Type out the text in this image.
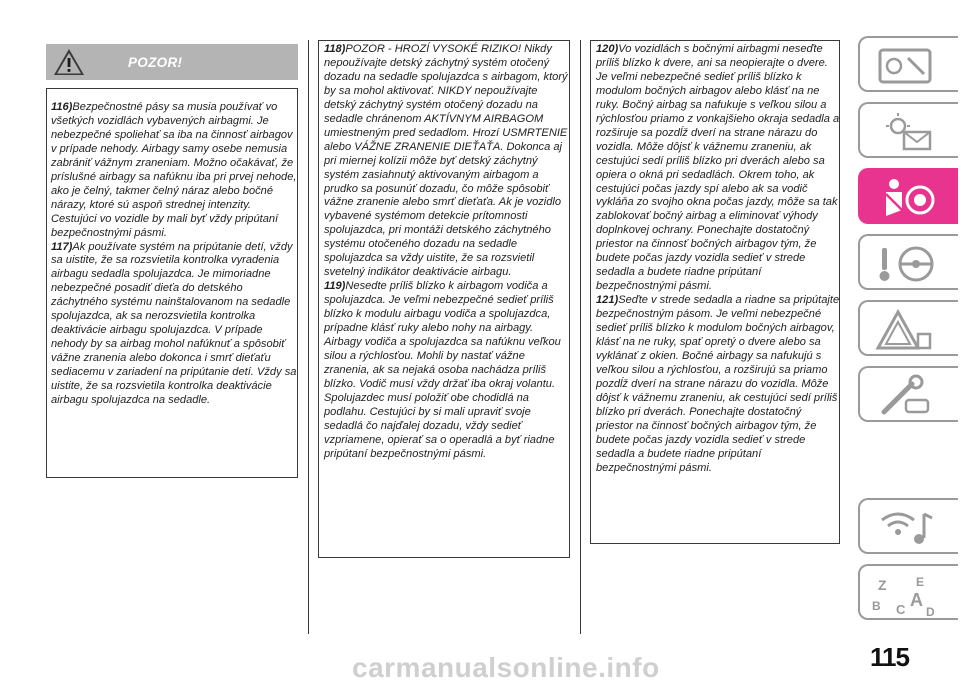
POZOR!

116)Bezpečnostné pásy sa musia používať vo všetkých vozidlách vybavených airbagmi. Je nebezpečné spoliehať sa iba na činnosť airbagov v prípade nehody. Airbagy samy osebe nemusia zabrániť vážnym zraneniam. Možno očakávať, že príslušné airbagy sa nafúknu iba pri prvej nehode, ako je čelný, takmer čelný náraz alebo bočné nárazy, ktoré sú aspoň strednej intenzity. Cestujúci vo vozidle by mali byť vždy pripútaní bezpečnostnými pásmi.

117)Ak používate systém na pripútanie detí, vždy sa uistite, že sa rozsvietila kontrolka vyradenia airbagu sedadla spolujazdca. Je mimoriadne nebezpečné posadiť dieťa do detského záchytného systému nainštalovanom na sedadle spolujazdca, ak sa nerozsvietila kontrolka deaktivácie airbagu spolujazdca. V prípade nehody by sa airbag mohol nafúknuť a spôsobiť vážne zranenia alebo dokonca i smrť dieťaťu sediacemu v zariadení na pripútanie detí. Vždy sa uistite, že sa rozsvietila kontrolka deaktivácie airbagu spolujazdca na sedadle.

118)POZOR - HROZÍ VYSOKÉ RIZIKO! Nikdy nepoužívajte detský záchytný systém otočený dozadu na sedadle spolujazdca s airbagom, ktorý by sa mohol aktivovať. NIKDY nepoužívajte detský záchytný systém otočený dozadu na sedadle chránenom AKTÍVNYM AIRBAGOM umiestneným pred sedadlom. Hrozí USMRTENIE alebo VÁŽNE ZRANENIE DIEŤAŤA. Dokonca aj pri miernej kolízii môže byť detský záchytný systém zasiahnutý aktivovaným airbagom a prudko sa posunúť dozadu, čo môže spôsobiť vážne zranenie alebo smrť dieťaťa. Ak je vozidlo vybavené systémom detekcie prítomnosti spolujazdca, pri montáži detského záchytného systému otočeného dozadu na sedadle spolujazdca sa vždy uistite, že sa rozsvietil svetelný indikátor deaktivácie airbagu.

119)Nesedte príliš blízko k airbagom vodiča a spolujazdca. Je veľmi nebezpečné sedieť príliš blízko k modulu airbagu vodiča a spolujazdca, prípadne klásť ruky alebo nohy na airbagy. Airbagy vodiča a spolujazdca sa nafúknu veľkou silou a rýchlosťou. Mohli by nastať vážne zranenia, ak sa nejaká osoba nachádza príliš blízko. Vodič musí vždy držať iba okraj volantu. Spolujazdec musí položiť obe chodidlá na podlahu. Cestujúci by si mali upraviť svoje sedadlá čo najďalej dozadu, vždy sedieť vzpriamene, opierať sa o operadlá a byť riadne pripútaní bezpečnostnými pásmi.

120)Vo vozidlách s bočnými airbagmi neseďte príliš blízko k dvere, ani sa neopierajte o dvere. Je veľmi nebezpečné sedieť príliš blízko k modulom bočných airbagov alebo klásť na ne ruky. Bočný airbag sa nafukuje s veľkou silou a rýchlosťou priamo z vonkajšieho okraja sedadla a rozširuje sa pozdĺž dverí na strane nárazu do vozidla. Môže dôjsť k vážnemu zraneniu, ak cestujúci sedí príliš blízko pri dverách alebo sa opiera o okná pri sedadlách. Okrem toho, ak cestujúci počas jazdy spí alebo ak sa vodič vykláňa zo svojho okna počas jazdy, môže sa tak zablokovať bočný airbag a eliminovať výhody doplnkovej ochrany. Ponechajte dostatočný priestor na činnosť bočných airbagov tým, že budete počas jazdy vozidla sedieť v strede sedadla a budete riadne pripútaní bezpečnostnými pásmi.

121)Seďte v strede sedadla a riadne sa pripútajte bezpečnostným pásom. Je veľmi nebezpečné sedieť príliš blízko k modulom bočných airbagov, klásť na ne ruky, spať opretý o dvere alebo sa vyklánať z okien. Bočné airbagy sa nafukujú s veľkou silou a rýchlosťou, a rozširujú sa priamo pozdĺž dverí na strane nárazu do vozidla. Môže dôjsť k vážnemu zraneniu, ak cestujúci sedí príliš blízko pri dverách. Ponechajte dostatočný priestor na činnosť bočných airbagov tým, že budete počas jazdy vozidla sedieť v strede sedadla a budete riadne pripútaní bezpečnostnými pásmi.

Z E
B C A
D
115
carmanualsonline.info
